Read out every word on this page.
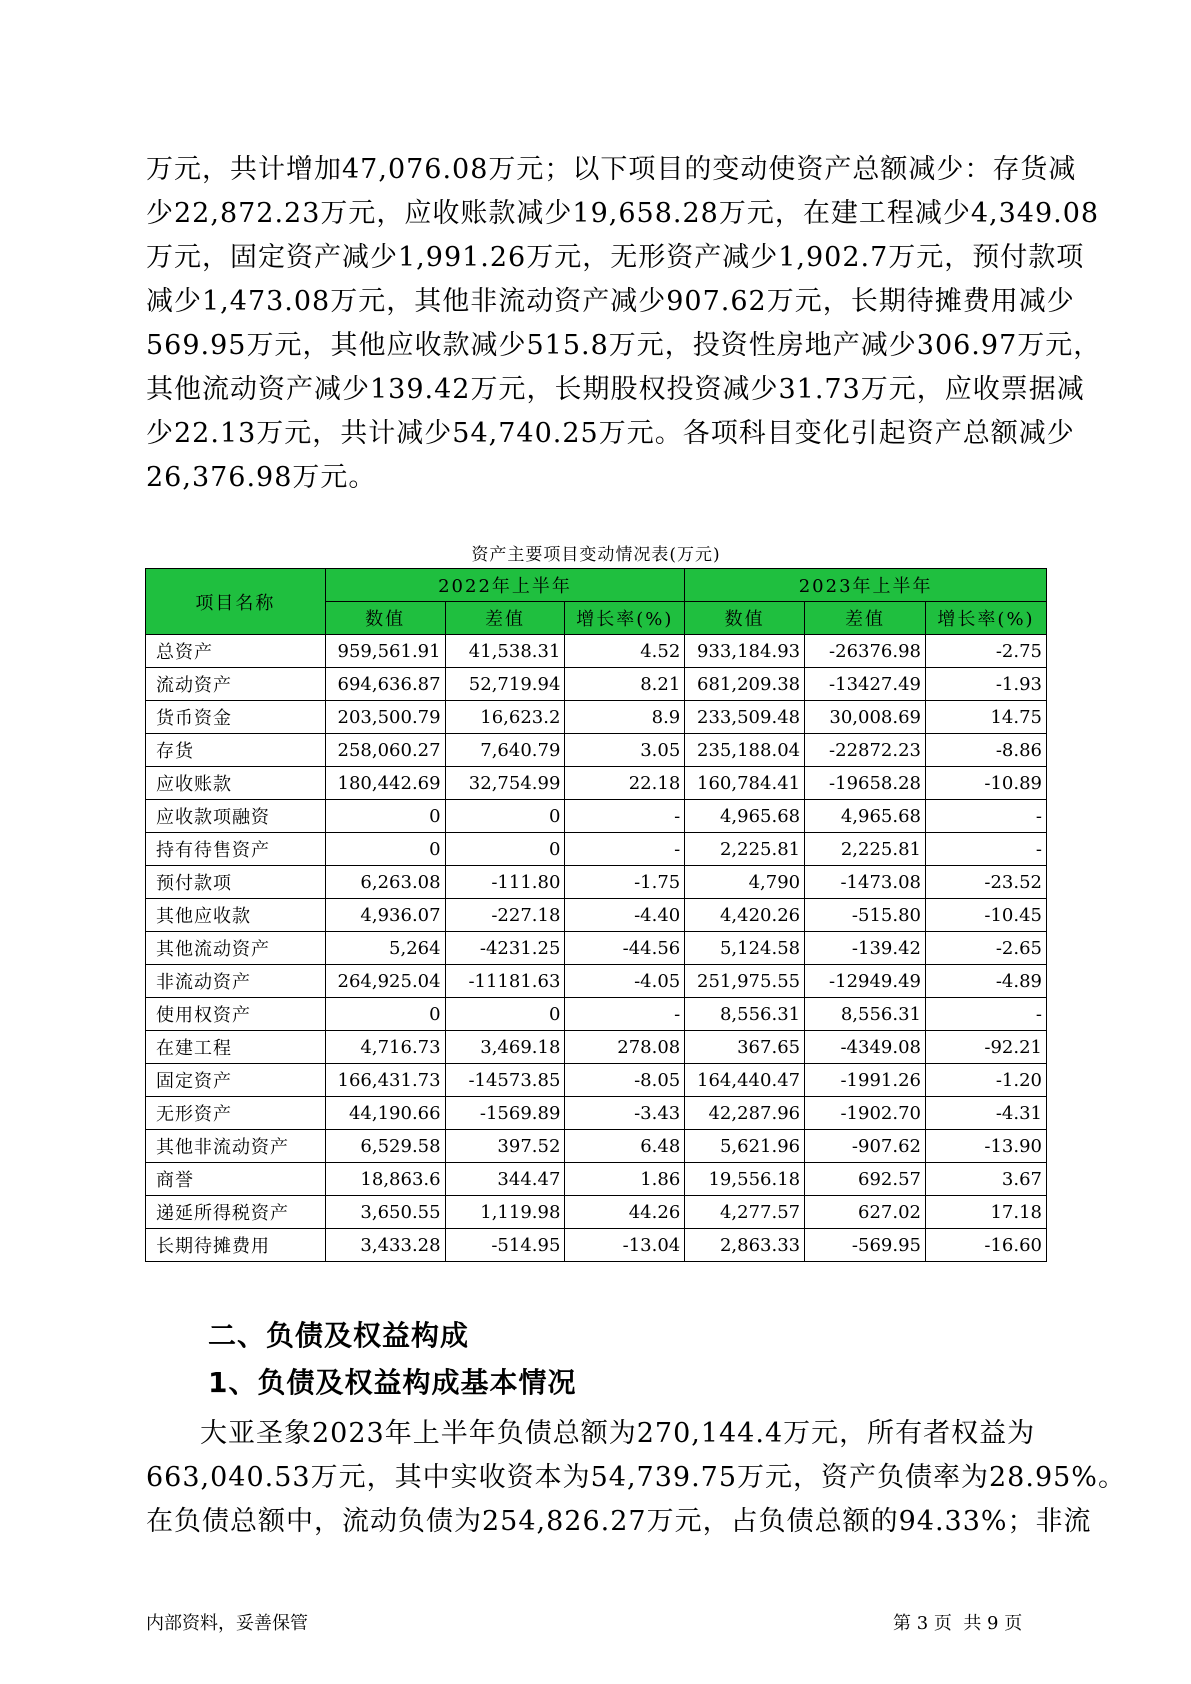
万元，共计增加47,076.08万元；以下项目的变动使资产总额减少：存货减

少22,872.23万元，应收账款减少19,658.28万元，在建工程减少4,349.08

万元，固定资产减少1,991.26万元，无形资产减少1,902.7万元，预付款项

减少1,473.08万元，其他非流动资产减少907.62万元，长期待摊费用减少

569.95万元，其他应收款减少515.8万元，投资性房地产减少306.97万元，

其他流动资产减少139.42万元，长期股权投资减少31.73万元，应收票据减

少22.13万元，共计减少54,740.25万元。各项科目变化引起资产总额减少

26,376.98万元。

资产主要项目变动情况表(万元)
项目名称	2022年上半年			2023年上半年		
	数值	差值	增长率(%)	数值	差值	增长率(%)
总资产	959,561.91	41,538.31	4.52	933,184.93	-26376.98	-2.75
流动资产	694,636.87	52,719.94	8.21	681,209.38	-13427.49	-1.93
货币资金	203,500.79	16,623.2	8.9	233,509.48	30,008.69	14.75
存货	258,060.27	7,640.79	3.05	235,188.04	-22872.23	-8.86
应收账款	180,442.69	32,754.99	22.18	160,784.41	-19658.28	-10.89
应收款项融资	0	0	-	4,965.68	4,965.68	-
持有待售资产	0	0	-	2,225.81	2,225.81	-
预付款项	6,263.08	-111.80	-1.75	4,790	-1473.08	-23.52
其他应收款	4,936.07	-227.18	-4.40	4,420.26	-515.80	-10.45
其他流动资产	5,264	-4231.25	-44.56	5,124.58	-139.42	-2.65
非流动资产	264,925.04	-11181.63	-4.05	251,975.55	-12949.49	-4.89
使用权资产	0	0	-	8,556.31	8,556.31	-
在建工程	4,716.73	3,469.18	278.08	367.65	-4349.08	-92.21
固定资产	166,431.73	-14573.85	-8.05	164,440.47	-1991.26	-1.20
无形资产	44,190.66	-1569.89	-3.43	42,287.96	-1902.70	-4.31
其他非流动资产	6,529.58	397.52	6.48	5,621.96	-907.62	-13.90
商誉	18,863.6	344.47	1.86	19,556.18	692.57	3.67
递延所得税资产	3,650.55	1,119.98	44.26	4,277.57	627.02	17.18
长期待摊费用	3,433.28	-514.95	-13.04	2,863.33	-569.95	-16.60
二、负债及权益构成
1、负债及权益构成基本情况

大亚圣象2023年上半年负债总额为270,144.4万元，所有者权益为

663,040.53万元，其中实收资本为54,739.75万元，资产负债率为28.95%。

在负债总额中，流动负债为254,826.27万元，占负债总额的94.33%；非流

内部资料，妥善保管	第 3 页  共 9 页
